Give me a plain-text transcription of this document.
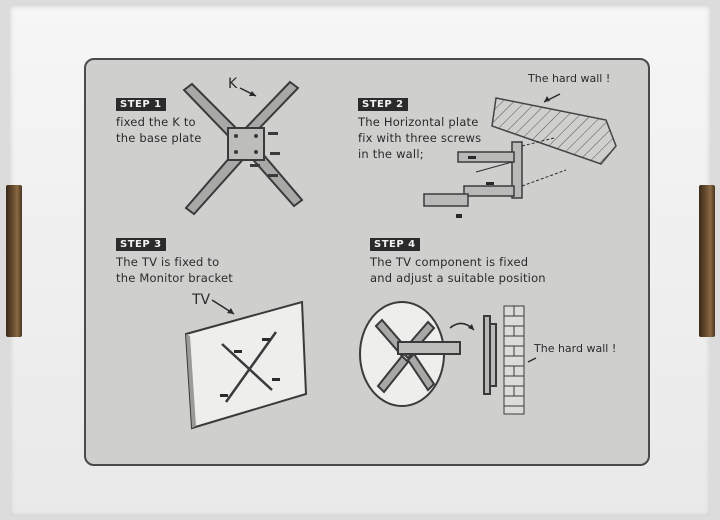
STEP 1
fixed the K to
the base plate
K
STEP 2
The Horizontal plate
fix with three screws
in the wall;
The hard wall !
STEP 3
The TV is fixed to
the Monitor bracket
TV
STEP 4
The TV component is fixed
and adjust a suitable position
The hard wall !
